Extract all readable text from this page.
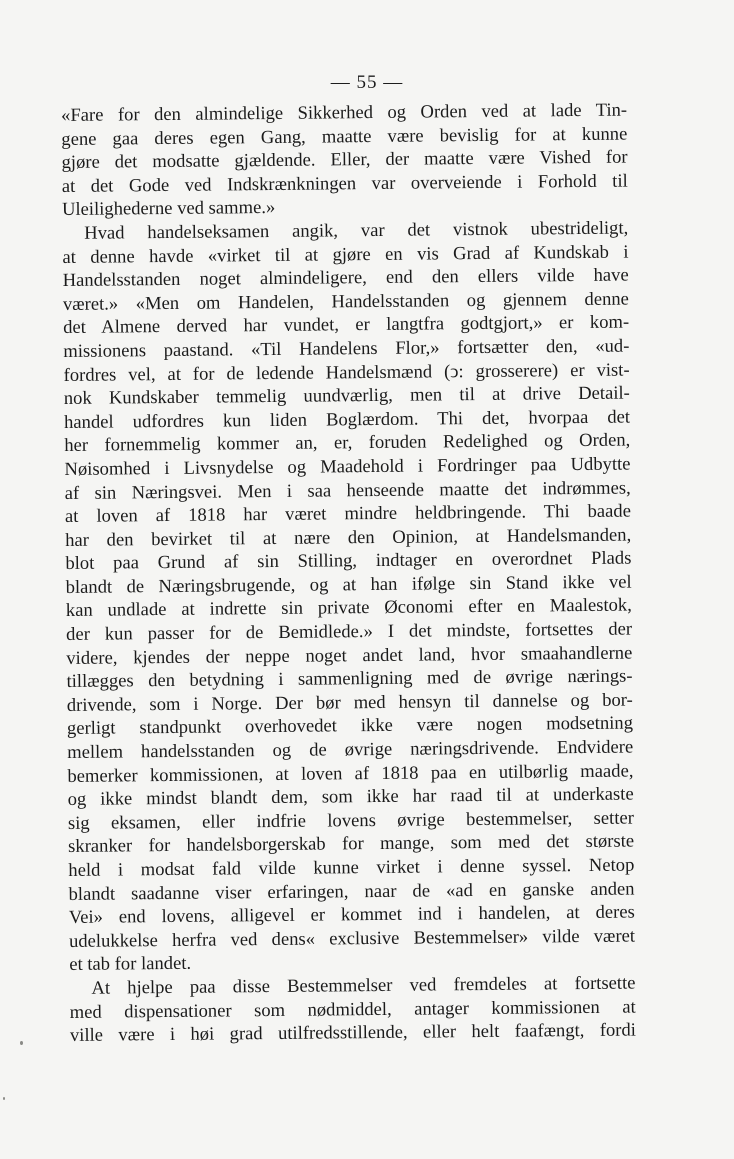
— 55 —
«Fare for den almindelige Sikkerhed og Orden ved at lade Tin-
gene gaa deres egen Gang, maatte være bevislig for at kunne
gjøre det modsatte gjældende. Eller, der maatte være Vished for
at det Gode ved Indskrænkningen var overveiende i Forhold til
Uleilighederne ved samme.»
Hvad handelseksamen angik, var det vistnok ubestrideligt,
at denne havde «virket til at gjøre en vis Grad af Kundskab i
Handelsstanden noget almindeligere, end den ellers vilde have
været.» «Men om Handelen, Handelsstanden og gjennem denne
det Almene derved har vundet, er langtfra godtgjort,» er kom-
missionens paastand. «Til Handelens Flor,» fortsætter den, «ud-
fordres vel, at for de ledende Handelsmænd (ↄ: grosserere) er vist-
nok Kundskaber temmelig uundværlig, men til at drive Detail-
handel udfordres kun liden Boglærdom. Thi det, hvorpaa det
her fornemmelig kommer an, er, foruden Redelighed og Orden,
Nøisomhed i Livsnydelse og Maadehold i Fordringer paa Udbytte
af sin Næringsvei. Men i saa henseende maatte det indrømmes,
at loven af 1818 har været mindre heldbringende. Thi baade
har den bevirket til at nære den Opinion, at Handelsmanden,
blot paa Grund af sin Stilling, indtager en overordnet Plads
blandt de Næringsbrugende, og at han ifølge sin Stand ikke vel
kan undlade at indrette sin private Øconomi efter en Maalestok,
der kun passer for de Bemidlede.» I det mindste, fortsettes der
videre, kjendes der neppe noget andet land, hvor smaahandlerne
tillægges den betydning i sammenligning med de øvrige nærings-
drivende, som i Norge. Der bør med hensyn til dannelse og bor-
gerligt standpunkt overhovedet ikke være nogen modsetning
mellem handelsstanden og de øvrige næringsdrivende. Endvidere
bemerker kommissionen, at loven af 1818 paa en utilbørlig maade,
og ikke mindst blandt dem, som ikke har raad til at underkaste
sig eksamen, eller indfrie lovens øvrige bestemmelser, setter
skranker for handelsborgerskab for mange, som med det største
held i modsat fald vilde kunne virket i denne syssel. Netop
blandt saadanne viser erfaringen, naar de «ad en ganske anden
Vei» end lovens, alligevel er kommet ind i handelen, at deres
udelukkelse herfra ved dens« exclusive Bestemmelser» vilde været
et tab for landet.
At hjelpe paa disse Bestemmelser ved fremdeles at fortsette
med dispensationer som nødmiddel, antager kommissionen at
ville være i høi grad utilfredsstillende, eller helt faafængt, fordi
